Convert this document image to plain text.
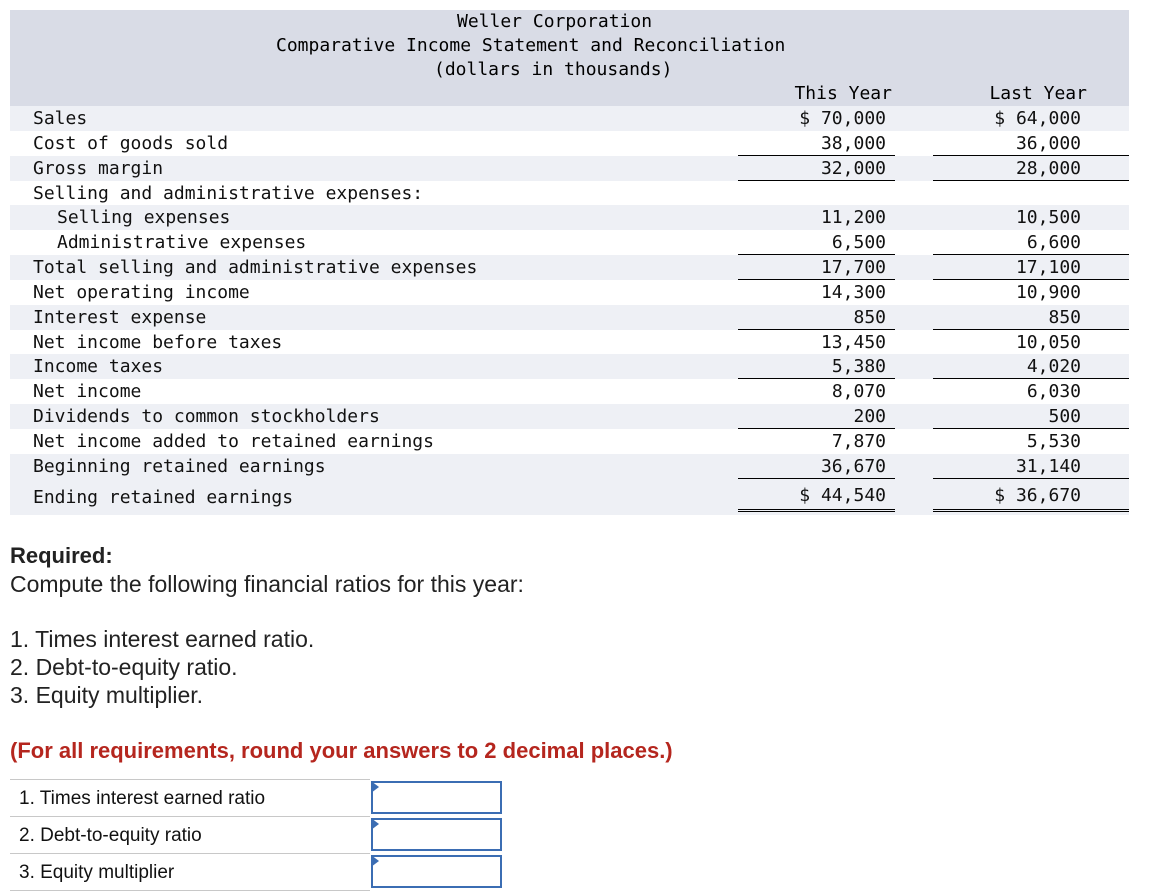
Weller Corporation
Comparative Income Statement and Reconciliation
(dollars in thousands)
This Year	Last Year
Sales	$ 70,000	$ 64,000
Cost of goods sold	38,000	36,000
Gross margin	32,000	28,000
Selling and administrative expenses:
Selling expenses	11,200	10,500
Administrative expenses	6,500	6,600
Total selling and administrative expenses	17,700	17,100
Net operating income	14,300	10,900
Interest expense	850	850
Net income before taxes	13,450	10,050
Income taxes	5,380	4,020
Net income	8,070	6,030
Dividends to common stockholders	200	500
Net income added to retained earnings	7,870	5,530
Beginning retained earnings	36,670	31,140
Ending retained earnings	$ 44,540	$ 36,670
Required:
Compute the following financial ratios for this year:
1. Times interest earned ratio.
2. Debt-to-equity ratio.
3. Equity multiplier.
(For all requirements, round your answers to 2 decimal places.)
1. Times interest earned ratio
2. Debt-to-equity ratio
3. Equity multiplier
